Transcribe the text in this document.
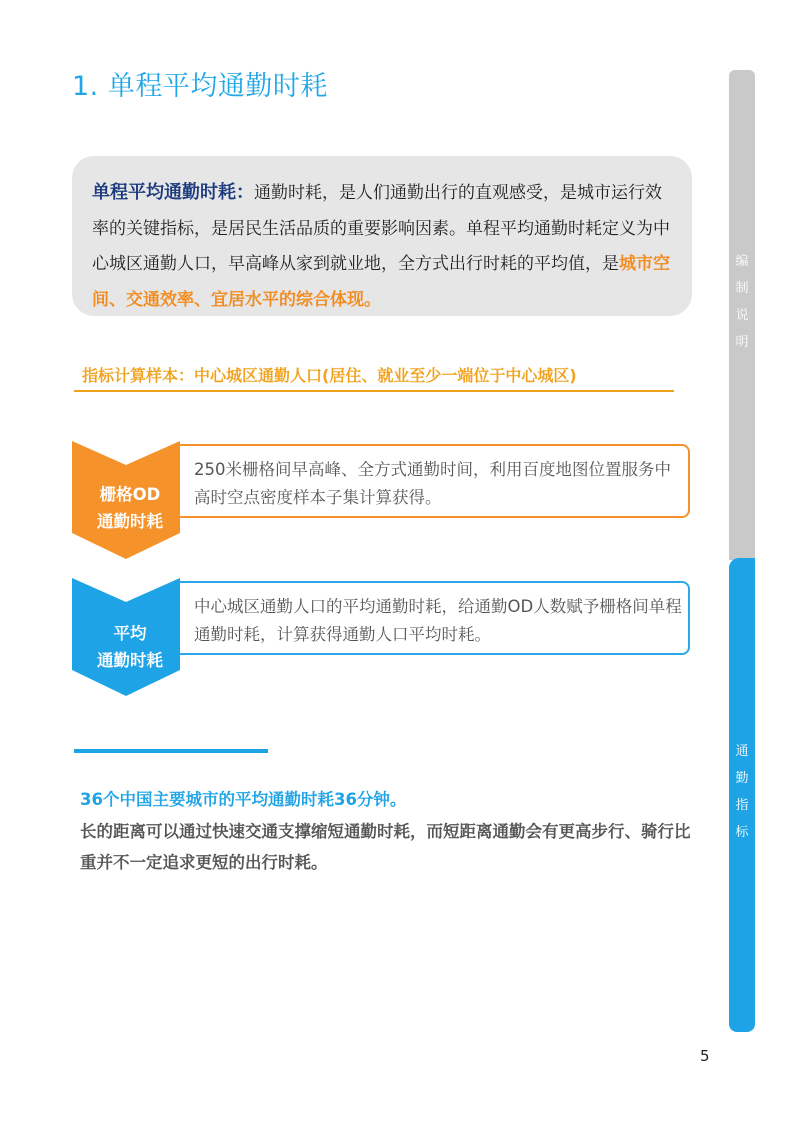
1. 单程平均通勤时耗
编
制
说
明
通
勤
指
标
单程平均通勤时耗：通勤时耗，是人们通勤出行的直观感受，是城市运行效率的关键指标，是居民生活品质的重要影响因素。单程平均通勤时耗定义为中心城区通勤人口，早高峰从家到就业地，全方式出行时耗的平均值，是城市空间、交通效率、宜居水平的综合体现。
指标计算样本：中心城区通勤人口(居住、就业至少一端位于中心城区)
栅格OD
通勤时耗
250米栅格间早高峰、全方式通勤时间，利用百度地图位置服务中高时空点密度样本子集计算获得。
平均
通勤时耗
中心城区通勤人口的平均通勤时耗，给通勤OD人数赋予栅格间单程通勤时耗，计算获得通勤人口平均时耗。
36个中国主要城市的平均通勤时耗36分钟。
长的距离可以通过快速交通支撑缩短通勤时耗，而短距离通勤会有更高步行、骑行比重并不一定追求更短的出行时耗。
5
